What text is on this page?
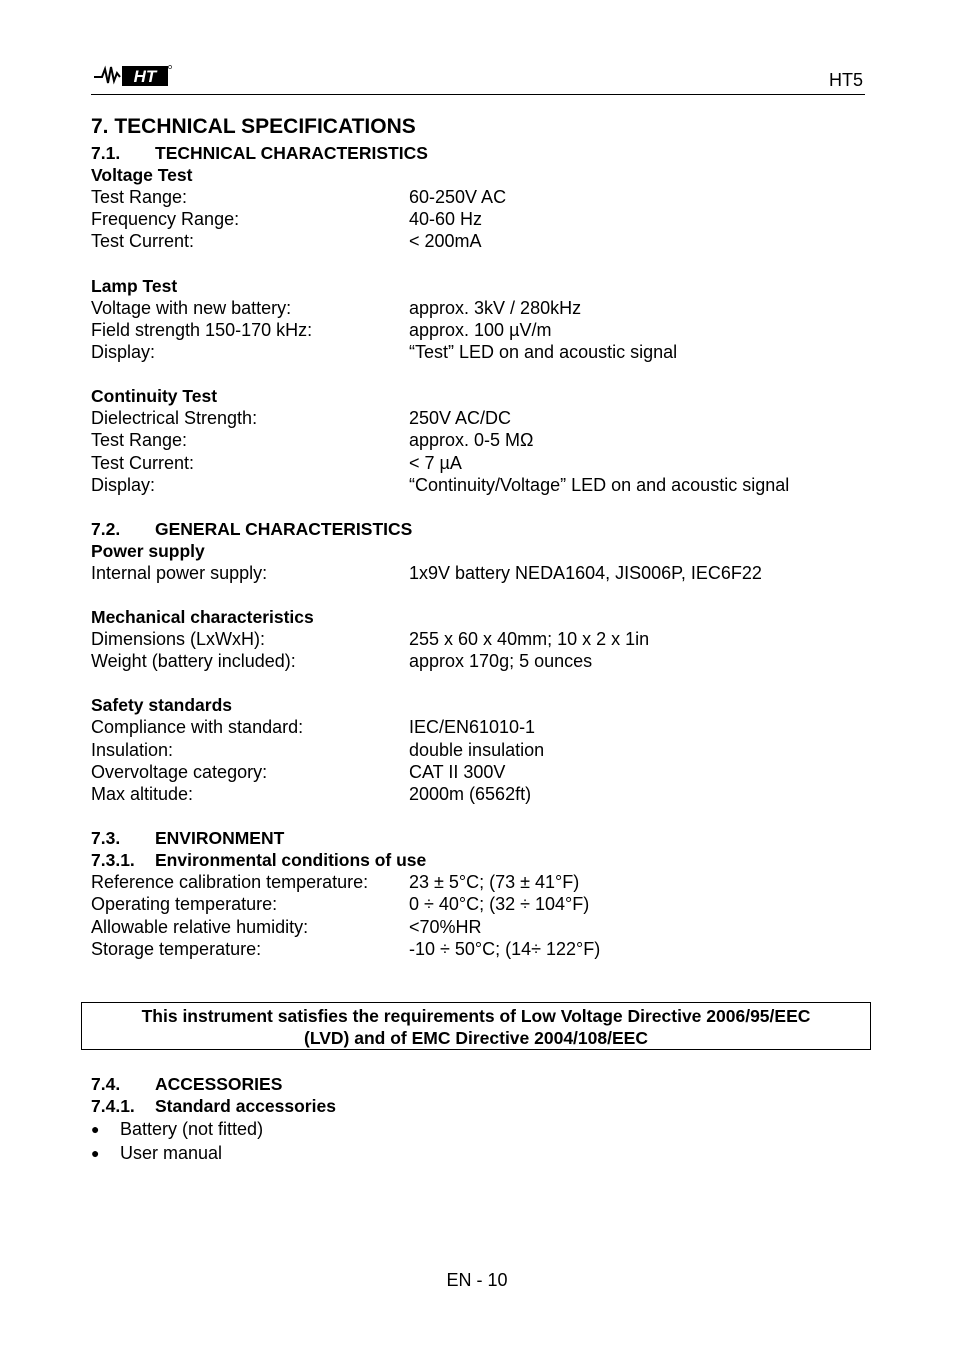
HT	HT5
7. TECHNICAL SPECIFICATIONS
7.1.	TECHNICAL CHARACTERISTICS
Voltage Test
Test Range:	60-250V AC
Frequency Range:	40-60 Hz
Test Current:	< 200mA
Lamp Test
Voltage with new battery:	approx. 3kV / 280kHz
Field strength 150-170 kHz:	approx. 100 µV/m
Display:	“Test” LED on and acoustic signal
Continuity Test
Dielectrical Strength:	250V AC/DC
Test Range:	approx. 0-5 MΩ
Test Current:	< 7 µA
Display:	“Continuity/Voltage” LED on and acoustic signal
7.2.	GENERAL CHARACTERISTICS
Power supply
Internal power supply:	1x9V battery NEDA1604, JIS006P, IEC6F22
Mechanical characteristics
Dimensions (LxWxH):	255 x 60 x 40mm; 10 x 2 x 1in
Weight (battery included):	approx 170g; 5 ounces
Safety standards
Compliance with standard:	IEC/EN61010-1
Insulation:	double insulation
Overvoltage category:	CAT II 300V
Max altitude:	2000m (6562ft)
7.3.	ENVIRONMENT
7.3.1.	Environmental conditions of use
Reference calibration temperature:	23 ± 5°C; (73 ± 41°F)
Operating temperature:	0 ÷ 40°C; (32 ÷ 104°F)
Allowable relative humidity:	<70%HR
Storage temperature:	-10 ÷ 50°C; (14÷ 122°F)
This instrument satisfies the requirements of Low Voltage Directive 2006/95/EEC
(LVD) and of EMC Directive 2004/108/EEC
7.4.	ACCESSORIES
7.4.1.	Standard accessories
●	Battery (not fitted)
●	User manual
EN - 10
